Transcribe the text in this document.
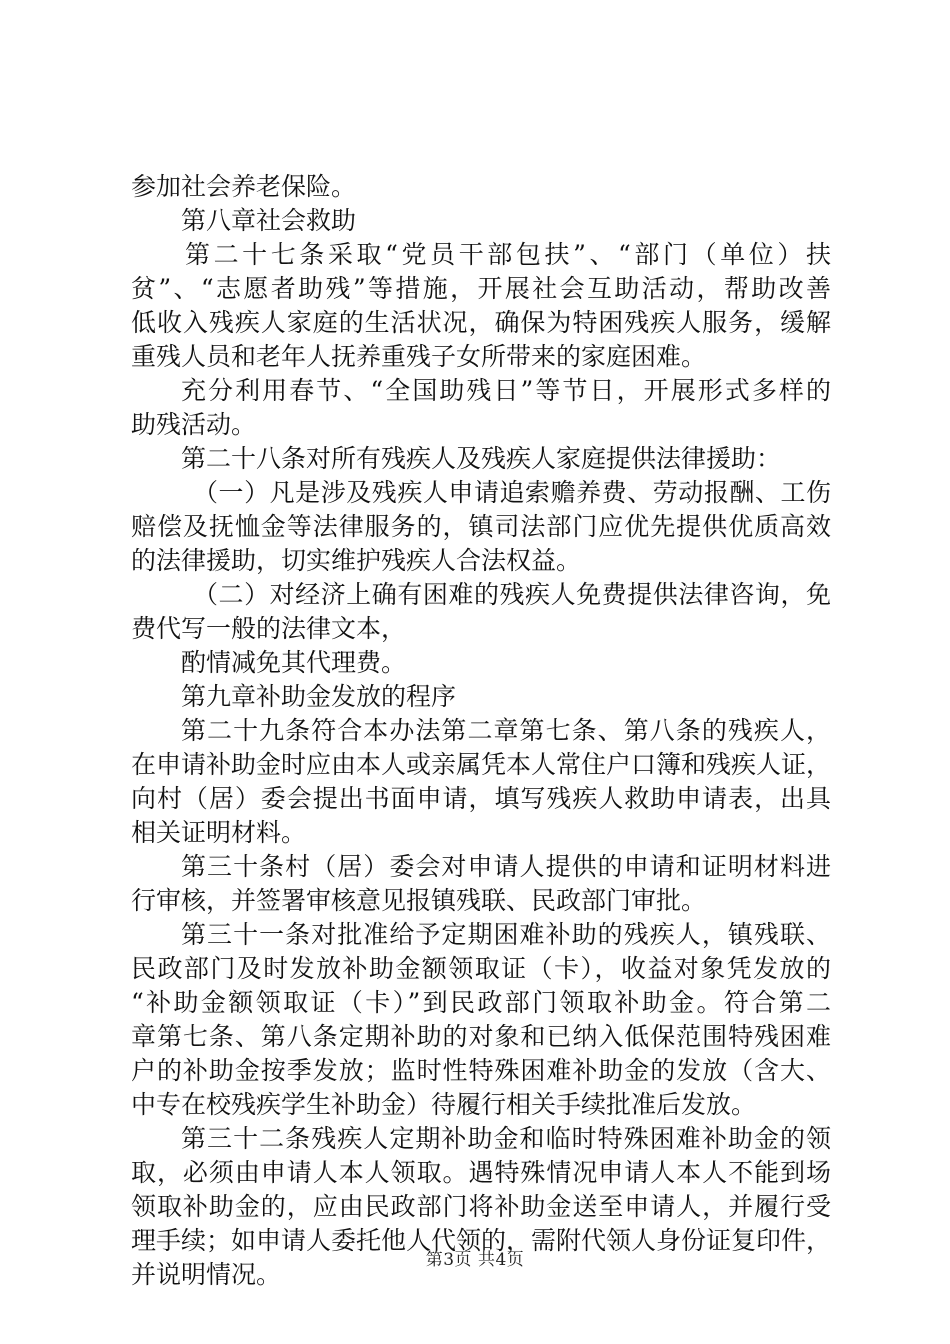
参加社会养老保险。
第八章社会救助
第二十七条采取“党员干部包扶”、“部门（单位）扶
贫”、“志愿者助残”等措施，开展社会互助活动，帮助改善
低收入残疾人家庭的生活状况，确保为特困残疾人服务，缓解
重残人员和老年人抚养重残子女所带来的家庭困难。
充分利用春节、“全国助残日”等节日，开展形式多样的
助残活动。
第二十八条对所有残疾人及残疾人家庭提供法律援助：
（一）凡是涉及残疾人申请追索赡养费、劳动报酬、工伤
赔偿及抚恤金等法律服务的，镇司法部门应优先提供优质高效
的法律援助，切实维护残疾人合法权益。
（二）对经济上确有困难的残疾人免费提供法律咨询，免
费代写一般的法律文本，
酌情减免其代理费。
第九章补助金发放的程序
第二十九条符合本办法第二章第七条、第八条的残疾人，
在申请补助金时应由本人或亲属凭本人常住户口簿和残疾人证，
向村（居）委会提出书面申请，填写残疾人救助申请表，出具
相关证明材料。
第三十条村（居）委会对申请人提供的申请和证明材料进
行审核，并签署审核意见报镇残联、民政部门审批。
第三十一条对批准给予定期困难补助的残疾人，镇残联、
民政部门及时发放补助金额领取证（卡），收益对象凭发放的
“补助金额领取证（卡）”到民政部门领取补助金。符合第二
章第七条、第八条定期补助的对象和已纳入低保范围特残困难
户的补助金按季发放；监时性特殊困难补助金的发放（含大、
中专在校残疾学生补助金）待履行相关手续批准后发放。
第三十二条残疾人定期补助金和临时特殊困难补助金的领
取，必须由申请人本人领取。遇特殊情况申请人本人不能到场
领取补助金的，应由民政部门将补助金送至申请人，并履行受
理手续；如申请人委托他人代领的，需附代领人身份证复印件，
并说明情况。	第3页 共4页
